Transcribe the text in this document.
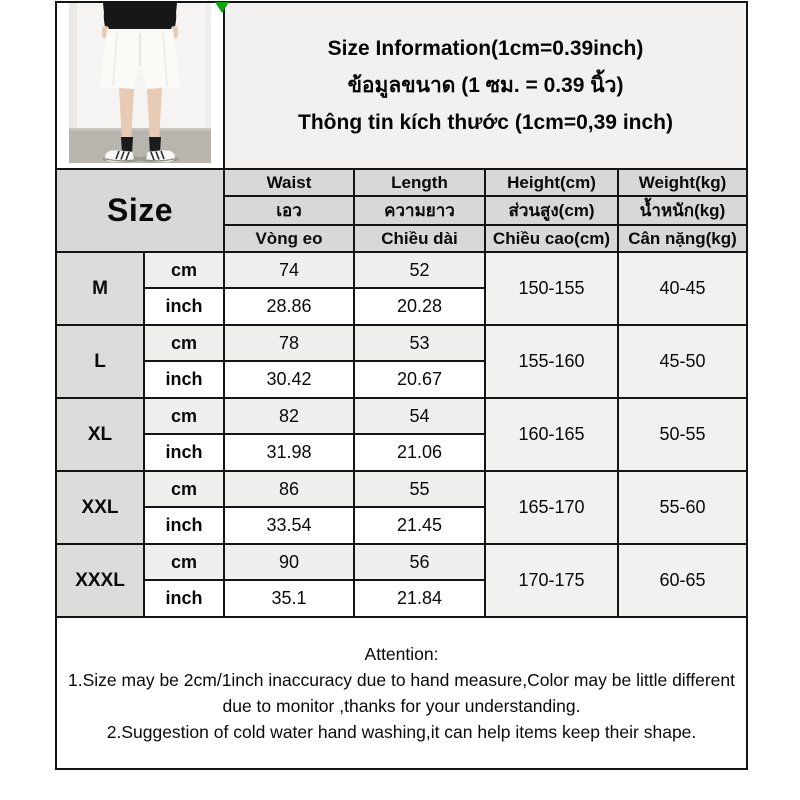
Size Information(1cm=0.39inch)
ข้อมูลขนาด (1 ซม. = 0.39 นิ้ว)
Thông tin kích thước (1cm=0,39 inch)			

Size		Waist	Length	Height(cm)	Weight(kg)
		เอว	ความยาว	ส่วนสูง(cm)	น้ำหนัก(kg)
		Vòng eo	Chiều dài	Chiều cao(cm)	Cân nặng(kg)
M	cm	74	52	150-155	40-45
	inch	28.86	20.28		
L	cm	78	53	155-160	45-50
	inch	30.42	20.67		
XL	cm	82	54	160-165	50-55
	inch	31.98	21.06		
XXL	cm	86	55	165-170	55-60
	inch	33.54	21.45		
XXXL	cm	90	56	170-175	60-65
	inch	35.1	21.84		

Attention:
1.Size may be 2cm/1inch inaccuracy due to hand measure,Color may be little different due to monitor ,thanks for your understanding.
2.Suggestion of cold water hand washing,it can help items keep their shape.					
